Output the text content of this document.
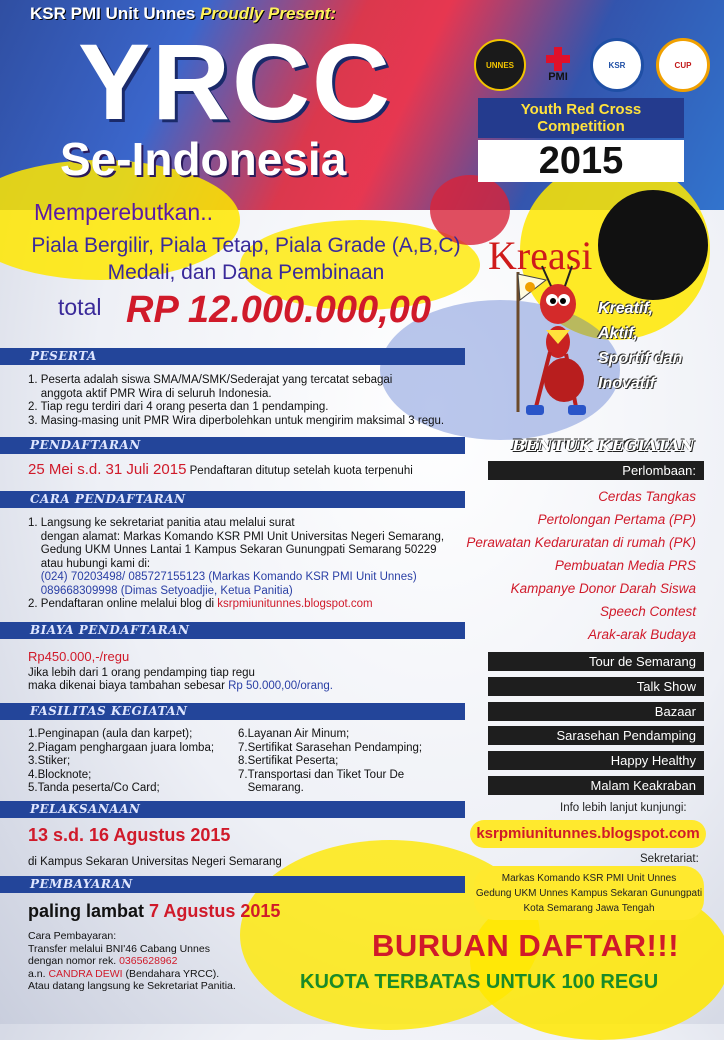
KSR PMI Unit Unnes Proudly Present:
YRCC
Se-Indonesia
UNNES
PMI
KSR	CUP
Youth Red Cross Competition
2015
Memperebutkan..
Piala Bergilir, Piala Tetap, Piala Grade (A,B,C)
Medali, dan Dana Pembinaan
total RP 12.000.000,00
Kreasi
Kreatif,
Aktif,
Sportif dan
Inovatif
PESERTA
1. Peserta adalah siswa SMA/MA/SMK/Sederajat yang tercatat sebagai
anggota aktif PMR Wira di seluruh Indonesia.
2. Tiap regu terdiri dari 4 orang peserta dan 1 pendamping.
3. Masing-masing unit PMR Wira diperbolehkan untuk mengirim maksimal 3 regu.
PENDAFTARAN
25 Mei s.d. 31 Juli 2015 Pendaftaran ditutup setelah kuota terpenuhi
CARA PENDAFTARAN
1. Langsung ke sekretariat panitia atau melalui surat
dengan alamat: Markas Komando KSR PMI Unit Universitas Negeri Semarang,
Gedung UKM Unnes Lantai 1 Kampus Sekaran Gunungpati Semarang 50229
atau hubungi kami di:
(024) 70203498/ 085727155123 (Markas Komando KSR PMI Unit Unnes)
089668309998 (Dimas Setyoadjie, Ketua Panitia)
2. Pendaftaran online melalui blog di ksrpmiunitunnes.blogspot.com
BIAYA PENDAFTARAN
Rp450.000,-/regu
Jika lebih dari 1 orang pendamping tiap regu
maka dikenai biaya tambahan sebesar Rp 50.000,00/orang.
FASILITAS KEGIATAN
1.Penginapan (aula dan karpet);
2.Piagam penghargaan juara lomba;
3.Stiker;
4.Blocknote;
5.Tanda peserta/Co Card;
6.Layanan Air Minum;
7.Sertifikat Sarasehan Pendamping;
8.Sertifikat Peserta;
7.Transportasi dan Tiket Tour De
Semarang.
PELAKSANAAN
13 s.d. 16 Agustus 2015
di Kampus Sekaran Universitas Negeri Semarang
PEMBAYARAN
paling lambat 7 Agustus 2015
Cara Pembayaran:
Transfer melalui BNI'46 Cabang Unnes
dengan nomor rek. 0365628962
a.n. CANDRA DEWI (Bendahara YRCC).
Atau datang langsung ke Sekretariat Panitia.
BENTUK KEGIATAN
Perlombaan:
Cerdas Tangkas
Pertolongan Pertama (PP)
Perawatan Kedaruratan di rumah (PK)
Pembuatan Media PRS
Kampanye Donor Darah Siswa
Speech Contest
Arak-arak Budaya
Tour de Semarang
Talk Show
Bazaar
Sarasehan Pendamping
Happy Healthy
Malam Keakraban
Info lebih lanjut kunjungi:
ksrpmiunitunnes.blogspot.com
Sekretariat:
Markas Komando KSR PMI Unit Unnes
Gedung UKM Unnes Kampus Sekaran Gunungpati
Kota Semarang Jawa Tengah
BURUAN DAFTAR!!!
KUOTA TERBATAS UNTUK 100 REGU
